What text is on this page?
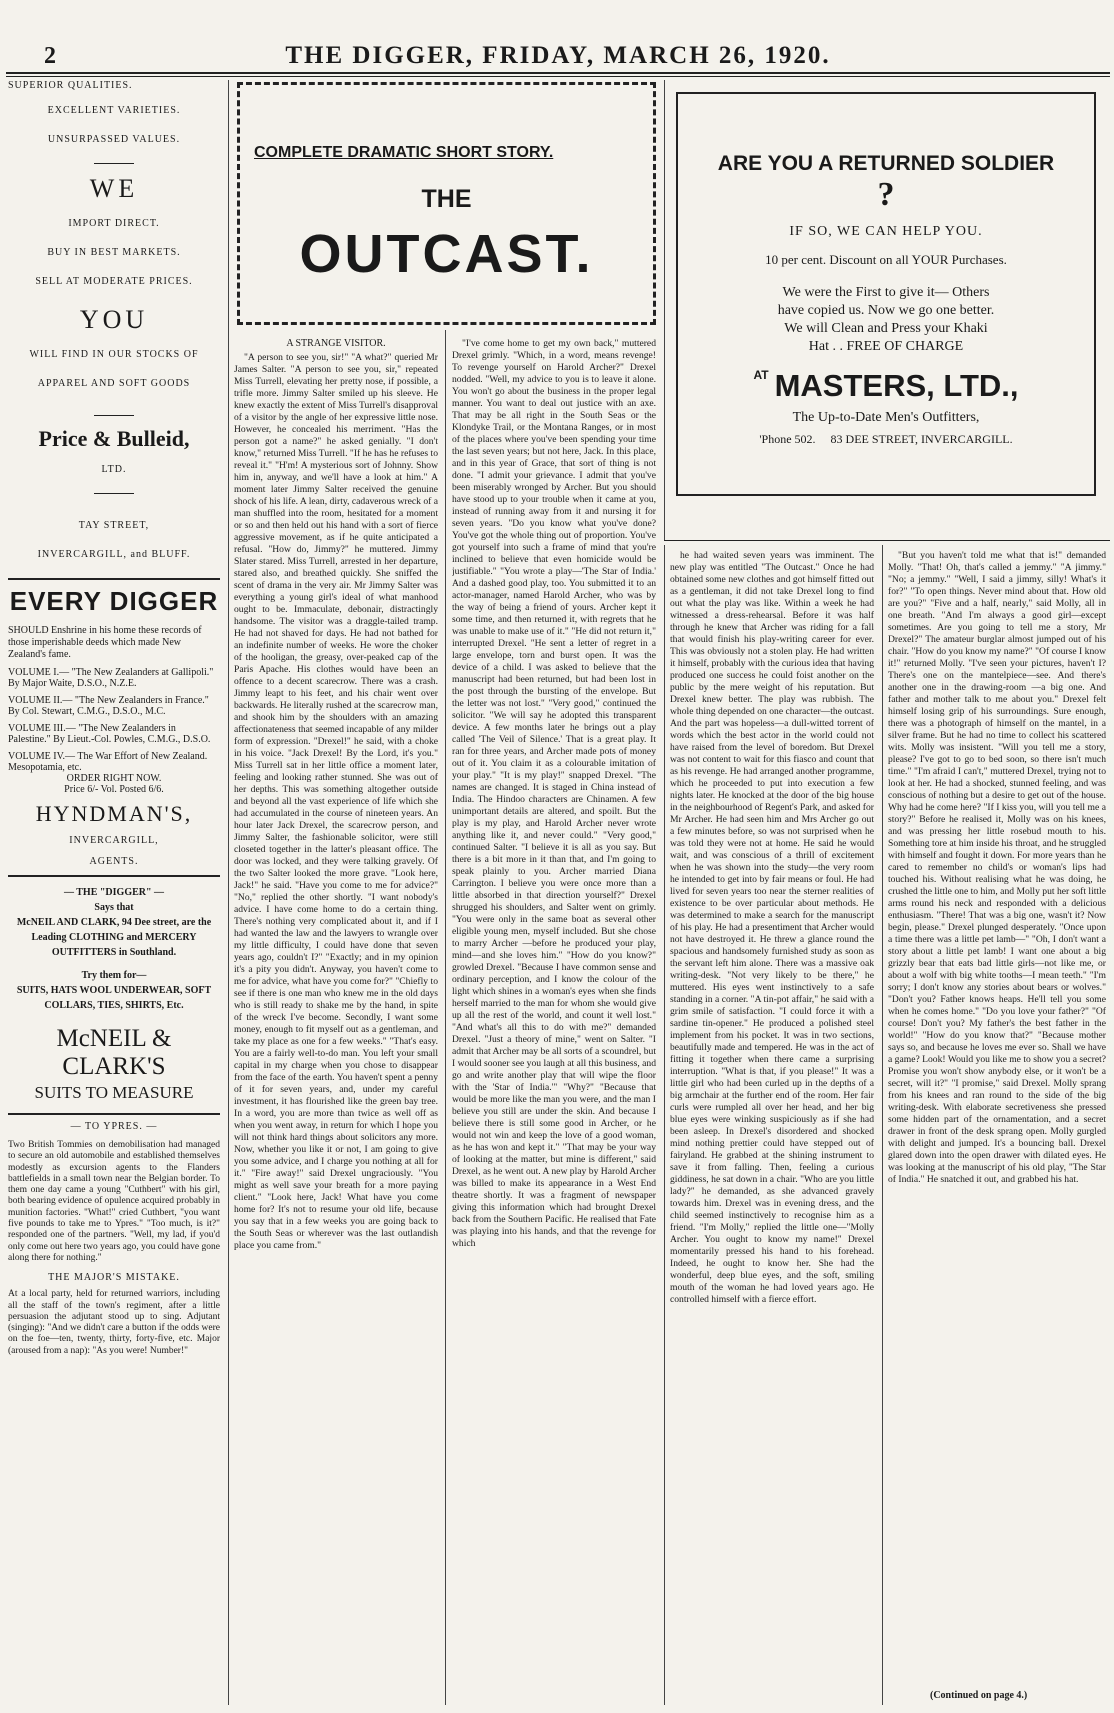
2	THE DIGGER, FRIDAY, MARCH 26, 1920.
SUPERIOR QUALITIES.
EXCELLENT VARIETIES.
UNSURPASSED VALUES.
WE
IMPORT DIRECT.
BUY IN BEST MARKETS.
SELL AT MODERATE PRICES.
YOU
WILL FIND IN OUR STOCKS OF
APPAREL AND SOFT GOODS
Price & Bulleid,
LTD.
TAY STREET,
INVERCARGILL, and BLUFF.
EVERY DIGGER
SHOULD Enshrine in his home these records of those imperishable deeds which made New Zealand's fame.
VOLUME I.— "The New Zealanders at Gallipoli." By Major Waite, D.S.O., N.Z.E.
VOLUME II.— "The New Zealanders in France." By Col. Stewart, C.M.G., D.S.O., M.C.
VOLUME III.— "The New Zealanders in Palestine." By Lieut.-Col. Powles, C.M.G., D.S.O.
VOLUME IV.— The War Effort of New Zealand. Mesopotamia, etc.
ORDER RIGHT NOW.
Price 6/- Vol. Posted 6/6.
HYNDMAN'S,
INVERCARGILL,
AGENTS.
— THE "DIGGER" —
Says that
McNEIL AND CLARK, 94 Dee street, are the Leading CLOTHING and MERCERY OUTFITTERS in Southland.
Try them for—
SUITS, HATS WOOL UNDERWEAR, SOFT COLLARS, TIES, SHIRTS, Etc.
McNEIL & CLARK'S
SUITS TO MEASURE
— TO YPRES. —
Two British Tommies on demobilisation had managed to secure an old automobile and established themselves modestly as excursion agents to the Flanders battlefields in a small town near the Belgian border. To them one day came a young "Cuthbert" with his girl, both bearing evidence of opulence acquired probably in munition factories. "What!" cried Cuthbert, "you want five pounds to take me to Ypres." "Too much, is it?" responded one of the partners. "Well, my lad, if you'd only come out here two years ago, you could have gone along there for nothing."
THE MAJOR'S MISTAKE.
At a local party, held for returned warriors, including all the staff of the town's regiment, after a little persuasion the adjutant stood up to sing. Adjutant (singing): "And we didn't care a button if the odds were on the foe—ten, twenty, thirty, forty-five, etc. Major (aroused from a nap): "As you were! Number!"
COMPLETE DRAMATIC SHORT STORY.
THE
OUTCAST.
ARE YOU A RETURNED SOLDIER
?
IF SO, WE CAN HELP YOU.
10 per cent. Discount on all YOUR Purchases.
We were the First to give it— Others have copied us. Now we go one better. We will Clean and Press your Khaki Hat . . FREE OF CHARGE
$^{AT}$ MASTERS, LTD.,
The Up-to-Date Men's Outfitters,
'Phone 502. 83 DEE STREET, INVERCARGILL.

A STRANGE VISITOR.

"A person to see you, sir!" "A what?" queried Mr James Salter. "A person to see you, sir," repeated Miss Turrell, elevating her pretty nose, if possible, a trifle more. Jimmy Salter smiled up his sleeve. He knew exactly the extent of Miss Turrell's disapproval of a visitor by the angle of her expressive little nose. However, he concealed his merriment. "Has the person got a name?" he asked genially. "I don't know," returned Miss Turrell. "If he has he refuses to reveal it." "H'm! A mysterious sort of Johnny. Show him in, anyway, and we'll have a look at him." A moment later Jimmy Salter received the genuine shock of his life. A lean, dirty, cadaverous wreck of a man shuffled into the room, hesitated for a moment or so and then held out his hand with a sort of fierce aggressive movement, as if he quite anticipated a refusal. "How do, Jimmy?" he muttered. Jimmy Slater stared. Miss Turrell, arrested in her departure, stared also, and breathed quickly. She sniffed the scent of drama in the very air. Mr Jimmy Salter was everything a young girl's ideal of what manhood ought to be. Immaculate, debonair, distractingly handsome. The visitor was a draggle-tailed tramp. He had not shaved for days. He had not bathed for an indefinite number of weeks. He wore the choker of the hooligan, the greasy, over-peaked cap of the Paris Apache. His clothes would have been an offence to a decent scarecrow. There was a crash. Jimmy leapt to his feet, and his chair went over backwards. He literally rushed at the scarecrow man, and shook him by the shoulders with an amazing affectionateness that seemed incapable of any milder form of expression. "Drexel!" he said, with a choke in his voice. "Jack Drexel! By the Lord, it's you." Miss Turrell sat in her little office a moment later, feeling and looking rather stunned. She was out of her depths. This was something altogether outside and beyond all the vast experience of life which she had accumulated in the course of nineteen years. An hour later Jack Drexel, the scarecrow person, and Jimmy Salter, the fashionable solicitor, were still closeted together in the latter's pleasant office. The door was locked, and they were talking gravely. Of the two Salter looked the more grave. "Look here, Jack!" he said. "Have you come to me for advice?" "No," replied the other shortly. "I want nobody's advice. I have come home to do a certain thing. There's nothing very complicated about it, and if I had wanted the law and the lawyers to wrangle over my little difficulty, I could have done that seven years ago, couldn't I?" "Exactly; and in my opinion it's a pity you didn't. Anyway, you haven't come to me for advice, what have you come for?" "Chiefly to see if there is one man who knew me in the old days who is still ready to shake me by the hand, in spite of the wreck I've become. Secondly, I want some money, enough to fit myself out as a gentleman, and take my place as one for a few weeks." "That's easy. You are a fairly well-to-do man. You left your small capital in my charge when you chose to disappear from the face of the earth. You haven't spent a penny of it for seven years, and, under my careful investment, it has flourished like the green bay tree. In a word, you are more than twice as well off as when you went away, in return for which I hope you will not think hard things about solicitors any more. Now, whether you like it or not, I am going to give you some advice, and I charge you nothing at all for it." "Fire away!" said Drexel ungraciously. "You might as well save your breath for a more paying client." "Look here, Jack! What have you come home for? It's not to resume your old life, because you say that in a few weeks you are going back to the South Seas or wherever was the last outlandish place you came from."

"I've come home to get my own back," muttered Drexel grimly. "Which, in a word, means revenge! To revenge yourself on Harold Archer?" Drexel nodded. "Well, my advice to you is to leave it alone. You won't go about the business in the proper legal manner. You want to deal out justice with an axe. That may be all right in the South Seas or the Klondyke Trail, or the Montana Ranges, or in most of the places where you've been spending your time the last seven years; but not here, Jack. In this place, and in this year of Grace, that sort of thing is not done. "I admit your grievance. I admit that you've been miserably wronged by Archer. But you should have stood up to your trouble when it came at you, instead of running away from it and nursing it for seven years. "Do you know what you've done? You've got the whole thing out of proportion. You've got yourself into such a frame of mind that you're inclined to believe that even homicide would be justifiable." "You wrote a play—'The Star of India.' And a dashed good play, too. You submitted it to an actor-manager, named Harold Archer, who was by the way of being a friend of yours. Archer kept it some time, and then returned it, with regrets that he was unable to make use of it." "He did not return it," interrupted Drexel. "He sent a letter of regret in a large envelope, torn and burst open. It was the device of a child. I was asked to believe that the manuscript had been returned, but had been lost in the post through the bursting of the envelope. But the letter was not lost." "Very good," continued the solicitor. "We will say he adopted this transparent device. A few months later he brings out a play called 'The Veil of Silence.' That is a great play. It ran for three years, and Archer made pots of money out of it. You claim it as a colourable imitation of your play." "It is my play!" snapped Drexel. "The names are changed. It is staged in China instead of India. The Hindoo characters are Chinamen. A few unimportant details are altered, and spoilt. But the play is my play, and Harold Archer never wrote anything like it, and never could." "Very good," continued Salter. "I believe it is all as you say. But there is a bit more in it than that, and I'm going to speak plainly to you. Archer married Diana Carrington. I believe you were once more than a little absorbed in that direction yourself?" Drexel shrugged his shoulders, and Salter went on grimly. "You were only in the same boat as several other eligible young men, myself included. But she chose to marry Archer —before he produced your play, mind—and she loves him." "How do you know?" growled Drexel. "Because I have common sense and ordinary perception, and I know the colour of the light which shines in a woman's eyes when she finds herself married to the man for whom she would give up all the rest of the world, and count it well lost." "And what's all this to do with me?" demanded Drexel. "Just a theory of mine," went on Salter. "I admit that Archer may be all sorts of a scoundrel, but I would sooner see you laugh at all this business, and go and write another play that will wipe the floor with the 'Star of India.'" "Why?" "Because that would be more like the man you were, and the man I believe you still are under the skin. And because I believe there is still some good in Archer, or he would not win and keep the love of a good woman, as he has won and kept it." "That may be your way of looking at the matter, but mine is different," said Drexel, as he went out. A new play by Harold Archer was billed to make its appearance in a West End theatre shortly. It was a fragment of newspaper giving this information which had brought Drexel back from the Southern Pacific. He realised that Fate was playing into his hands, and that the revenge for which

he had waited seven years was imminent. The new play was entitled "The Outcast." Once he had obtained some new clothes and got himself fitted out as a gentleman, it did not take Drexel long to find out what the play was like. Within a week he had witnessed a dress-rehearsal. Before it was half through he knew that Archer was riding for a fall that would finish his play-writing career for ever. This was obviously not a stolen play. He had written it himself, probably with the curious idea that having produced one success he could foist another on the public by the mere weight of his reputation. But Drexel knew better. The play was rubbish. The whole thing depended on one character—the outcast. And the part was hopeless—a dull-witted torrent of words which the best actor in the world could not have raised from the level of boredom. But Drexel was not content to wait for this fiasco and count that as his revenge. He had arranged another programme, which he proceeded to put into execution a few nights later. He knocked at the door of the big house in the neighbourhood of Regent's Park, and asked for Mr Archer. He had seen him and Mrs Archer go out a few minutes before, so was not surprised when he was told they were not at home. He said he would wait, and was conscious of a thrill of excitement when he was shown into the study—the very room he intended to get into by fair means or foul. He had lived for seven years too near the sterner realities of existence to be over particular about methods. He was determined to make a search for the manuscript of his play. He had a presentiment that Archer would not have destroyed it. He threw a glance round the spacious and handsomely furnished study as soon as the servant left him alone. There was a massive oak writing-desk. "Not very likely to be there," he muttered. His eyes went instinctively to a safe standing in a corner. "A tin-pot affair," he said with a grim smile of satisfaction. "I could force it with a sardine tin-opener." He produced a polished steel implement from his pocket. It was in two sections, beautifully made and tempered. He was in the act of fitting it together when there came a surprising interruption. "What is that, if you please!" It was a little girl who had been curled up in the depths of a big armchair at the further end of the room. Her fair curls were rumpled all over her head, and her big blue eyes were winking suspiciously as if she had been asleep. In Drexel's disordered and shocked mind nothing prettier could have stepped out of fairyland. He grabbed at the shining instrument to save it from falling. Then, feeling a curious giddiness, he sat down in a chair. "Who are you little lady?" he demanded, as she advanced gravely towards him. Drexel was in evening dress, and the child seemed instinctively to recognise him as a friend. "I'm Molly," replied the little one—"Molly Archer. You ought to know my name!" Drexel momentarily pressed his hand to his forehead. Indeed, he ought to know her. She had the wonderful, deep blue eyes, and the soft, smiling mouth of the woman he had loved years ago. He controlled himself with a fierce effort.

"But you haven't told me what that is!" demanded Molly. "That! Oh, that's called a jemmy." "A jimmy." "No; a jemmy." "Well, I said a jimmy, silly! What's it for?" "To open things. Never mind about that. How old are you?" "Five and a half, nearly," said Molly, all in one breath. "And I'm always a good girl—except sometimes. Are you going to tell me a story, Mr Drexel?" The amateur burglar almost jumped out of his chair. "How do you know my name?" "Of course I know it!" returned Molly. "I've seen your pictures, haven't I? There's one on the mantelpiece—see. And there's another one in the drawing-room —a big one. And father and mother talk to me about you." Drexel felt himself losing grip of his surroundings. Sure enough, there was a photograph of himself on the mantel, in a silver frame. But he had no time to collect his scattered wits. Molly was insistent. "Will you tell me a story, please? I've got to go to bed soon, so there isn't much time." "I'm afraid I can't," muttered Drexel, trying not to look at her. He had a shocked, stunned feeling, and was conscious of nothing but a desire to get out of the house. Why had he come here? "If I kiss you, will you tell me a story?" Before he realised it, Molly was on his knees, and was pressing her little rosebud mouth to his. Something tore at him inside his throat, and he struggled with himself and fought it down. For more years than he cared to remember no child's or woman's lips had touched his. Without realising what he was doing, he crushed the little one to him, and Molly put her soft little arms round his neck and responded with a delicious enthusiasm. "There! That was a big one, wasn't it? Now begin, please." Drexel plunged desperately. "Once upon a time there was a little pet lamb—" "Oh, I don't want a story about a little pet lamb! I want one about a big grizzly bear that eats bad little girls—not like me, or about a wolf with big white tooths—I mean teeth." "I'm sorry; I don't know any stories about bears or wolves." "Don't you? Father knows heaps. He'll tell you some when he comes home." "Do you love your father?" "Of course! Don't you? My father's the best father in the world!" "How do you know that?" "Because mother says so, and because he loves me ever so. Shall we have a game? Look! Would you like me to show you a secret? Promise you won't show anybody else, or it won't be a secret, will it?" "I promise," said Drexel. Molly sprang from his knees and ran round to the side of the big writing-desk. With elaborate secretiveness she pressed some hidden part of the ornamentation, and a secret drawer in front of the desk sprang open. Molly gurgled with delight and jumped. It's a bouncing ball. Drexel glared down into the open drawer with dilated eyes. He was looking at the manuscript of his old play, "The Star of India." He snatched it out, and grabbed his hat.

(Continued on page 4.)
